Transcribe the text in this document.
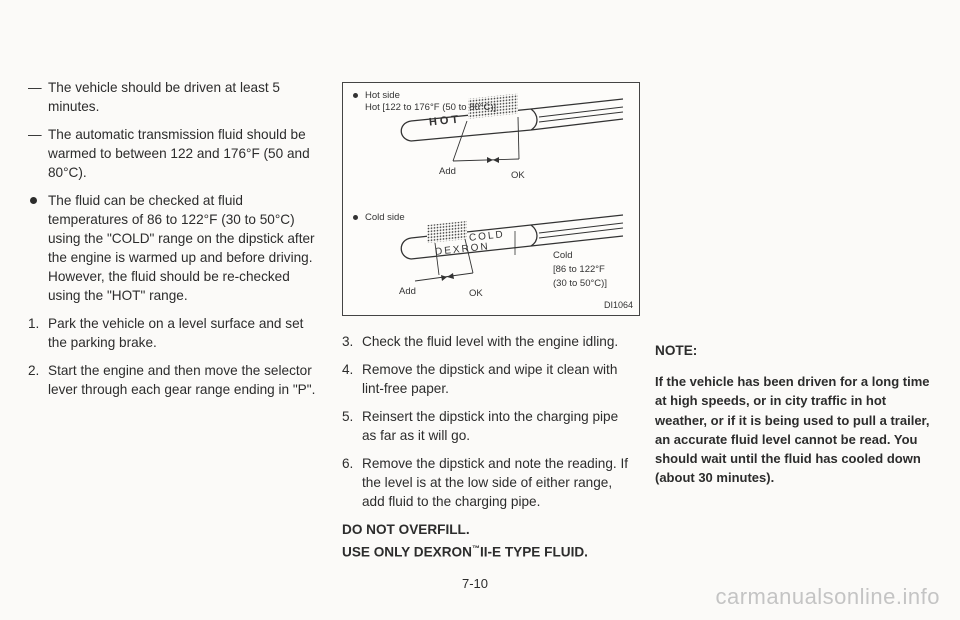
— The vehicle should be driven at least 5 minutes.
— The automatic transmission fluid should be warmed to between 122 and 176°F (50 and 80°C).
The fluid can be checked at fluid temperatures of 86 to 122°F (30 to 50°C) using the "COLD" range on the dipstick after the engine is warmed up and before driving. However, the fluid should be re-checked using the "HOT" range.
1. Park the vehicle on a level surface and set the parking brake.
2. Start the engine and then move the selector lever through each gear range ending in "P".
Hot side
Hot [122 to 176°F (50 to 80°C)]
HOT
Add	OK
Cold side
COLD
DEXRON	Cold
[86 to 122°F
(30 to 50°C)]
Add	OK
DI1064
3. Check the fluid level with the engine idling.
4. Remove the dipstick and wipe it clean with lint-free paper.
5. Reinsert the dipstick into the charging pipe as far as it will go.
6. Remove the dipstick and note the reading. If the level is at the low side of either range, add fluid to the charging pipe.
DO NOT OVERFILL.
USE ONLY DEXRON™II-E TYPE FLUID.
NOTE:
If the vehicle has been driven for a long time at high speeds, or in city traffic in hot weather, or if it is being used to pull a trailer, an accurate fluid level cannot be read. You should wait until the fluid has cooled down (about 30 minutes).
7-10
carmanualsonline.info
